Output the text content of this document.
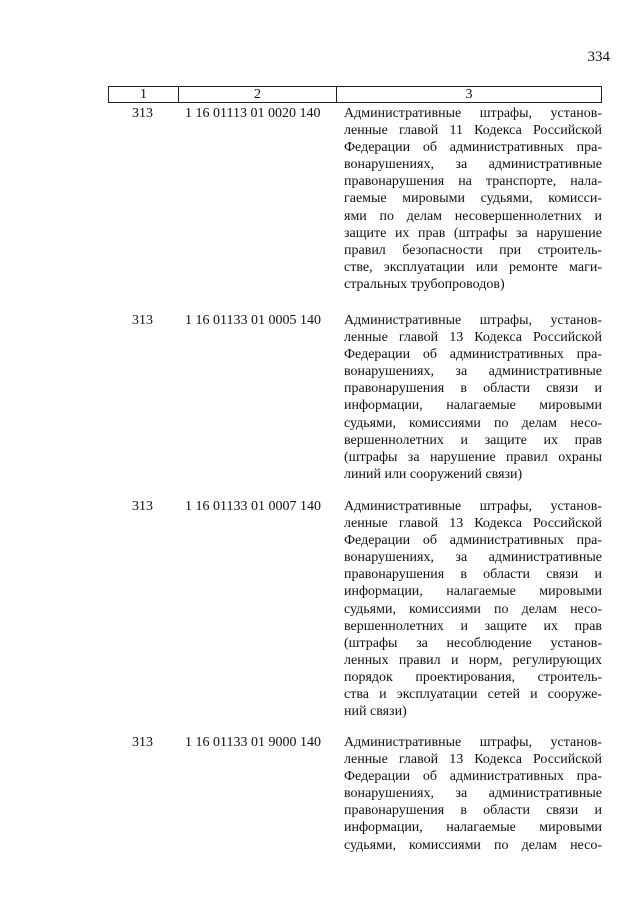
334
1	2	3
313	1 16 01113 01 0020 140	Административные штрафы, установ-
ленные главой 11 Кодекса Российской
Федерации об административных пра-
вонарушениях, за административные
правонарушения на транспорте, нала-
гаемые мировыми судьями, комисси-
ями по делам несовершеннолетних и
защите их прав (штрафы за нарушение
правил безопасности при строитель-
стве, эксплуатации или ремонте маги-
стральных трубопроводов)
313	1 16 01133 01 0005 140	Административные штрафы, установ-
ленные главой 13 Кодекса Российской
Федерации об административных пра-
вонарушениях, за административные
правонарушения в области связи и
информации, налагаемые мировыми
судьями, комиссиями по делам несо-
вершеннолетних и защите их прав
(штрафы за нарушение правил охраны
линий или сооружений связи)
313	1 16 01133 01 0007 140	Административные штрафы, установ-
ленные главой 13 Кодекса Российской
Федерации об административных пра-
вонарушениях, за административные
правонарушения в области связи и
информации, налагаемые мировыми
судьями, комиссиями по делам несо-
вершеннолетних и защите их прав
(штрафы за несоблюдение установ-
ленных правил и норм, регулирующих
порядок проектирования, строитель-
ства и эксплуатации сетей и сооруже-
ний связи)
313	1 16 01133 01 9000 140	Административные штрафы, установ-
ленные главой 13 Кодекса Российской
Федерации об административных пра-
вонарушениях, за административные
правонарушения в области связи и
информации, налагаемые мировыми
судьями, комиссиями по делам несо-
